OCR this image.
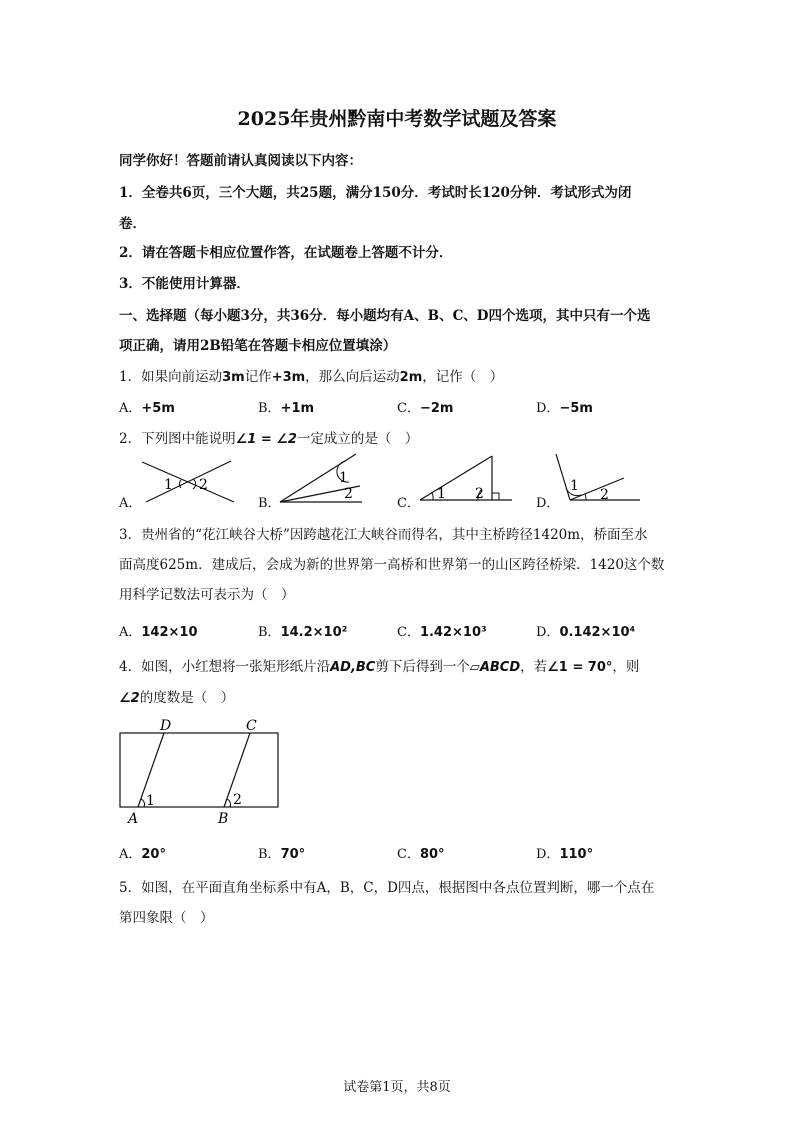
2025年贵州黔南中考数学试题及答案
同学你好！答题前请认真阅读以下内容：
1．全卷共6页，三个大题，共25题，满分150分．考试时长120分钟．考试形式为闭
卷．
2．请在答题卡相应位置作答，在试题卷上答题不计分．
3．不能使用计算器．
一、选择题（每小题3分，共36分．每小题均有A、B、C、D四个选项，其中只有一个选
项正确，请用2B铅笔在答题卡相应位置填涂）
1．如果向前运动3m记作+3m，那么向后运动2m，记作（　）
A．+5m	B．+1m	C．−2m	D．−5m
2．下列图中能说明∠1 = ∠2一定成立的是（　）
A．
1 2
B．
1
2
C．
1 2
D．
1
2
3．贵州省的“花江峡谷大桥”因跨越花江大峡谷而得名，其中主桥跨径1420m，桥面至水
面高度625m．建成后，会成为新的世界第一高桥和世界第一的山区跨径桥梁．1420这个数
用科学记数法可表示为（　）
A．142×10	B．14.2×10²	C．1.42×10³	D．0.142×10⁴
4．如图，小红想将一张矩形纸片沿AD,BC剪下后得到一个▱ABCD，若∠1 = 70°，则
∠2的度数是（　）
1	2
D	C
A	B
A．20°	B．70°	C．80°	D．110°
5．如图，在平面直角坐标系中有A，B，C，D四点，根据图中各点位置判断，哪一个点在
第四象限（　）
试卷第1页，共8页
